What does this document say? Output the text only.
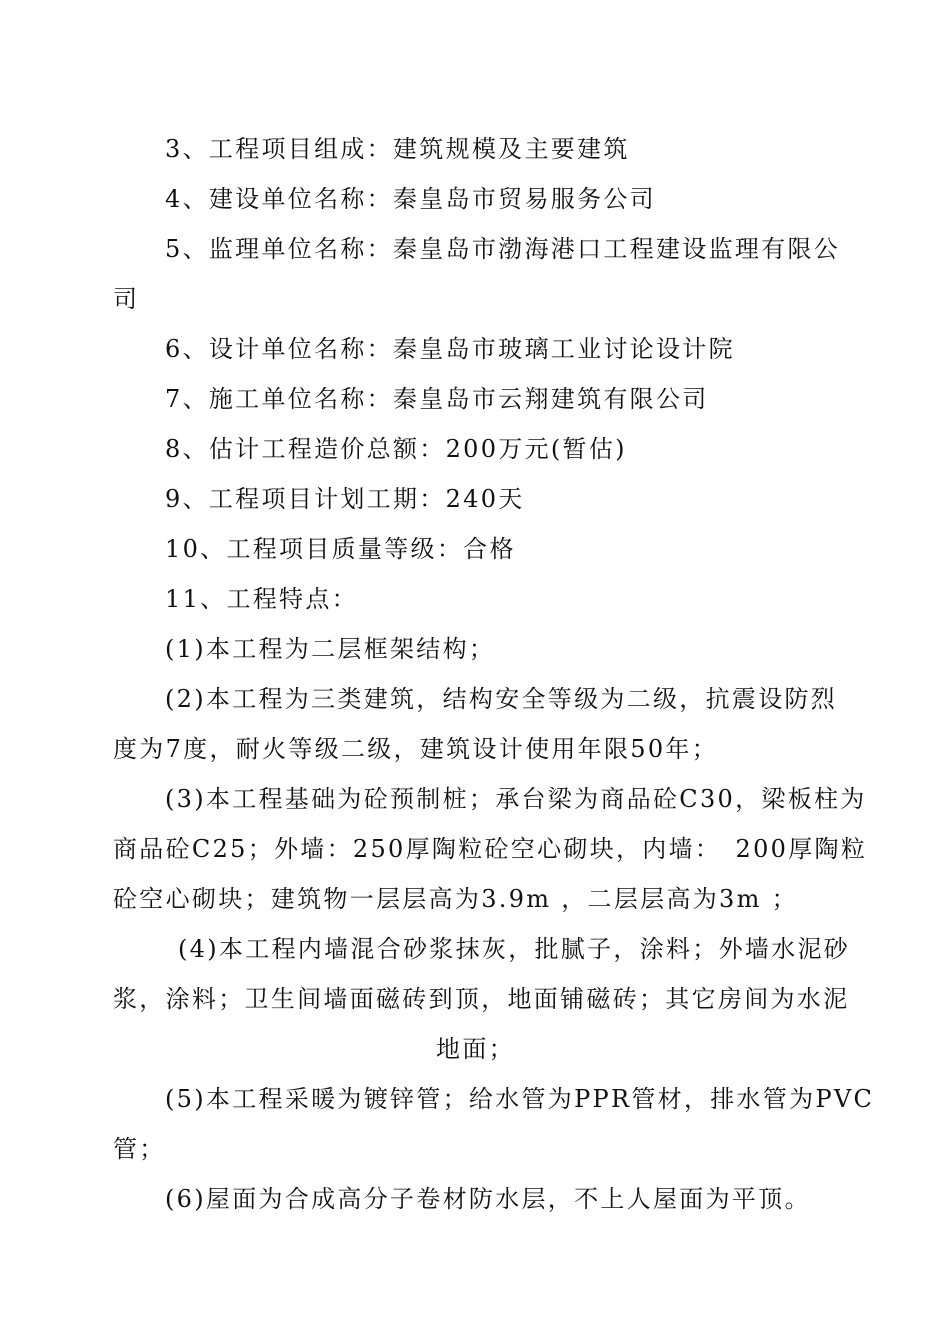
3、工程项目组成：建筑规模及主要建筑
4、建设单位名称：秦皇岛市贸易服务公司
5、监理单位名称：秦皇岛市渤海港口工程建设监理有限公
司
6、设计单位名称：秦皇岛市玻璃工业讨论设计院
7、施工单位名称：秦皇岛市云翔建筑有限公司
8、估计工程造价总额：200万元(暂估)
9、工程项目计划工期：240天
10、工程项目质量等级：合格
11、工程特点：
(1)本工程为二层框架结构；
(2)本工程为三类建筑，结构安全等级为二级，抗震设防烈
度为7度，耐火等级二级，建筑设计使用年限50年；
(3)本工程基础为砼预制桩；承台梁为商品砼C30，梁板柱为
商品砼C25；外墙：250厚陶粒砼空心砌块，内墙：　200厚陶粒
砼空心砌块；建筑物一层层高为3.9m ，二层层高为3m ；
(4)本工程内墙混合砂浆抹灰，批腻子，涂料；外墙水泥砂
浆，涂料；卫生间墙面磁砖到顶，地面铺磁砖；其它房间为水泥
地面；
(5)本工程采暖为镀锌管；给水管为PPR管材，排水管为PVC
管；
(6)屋面为合成高分子卷材防水层，不上人屋面为平顶。
